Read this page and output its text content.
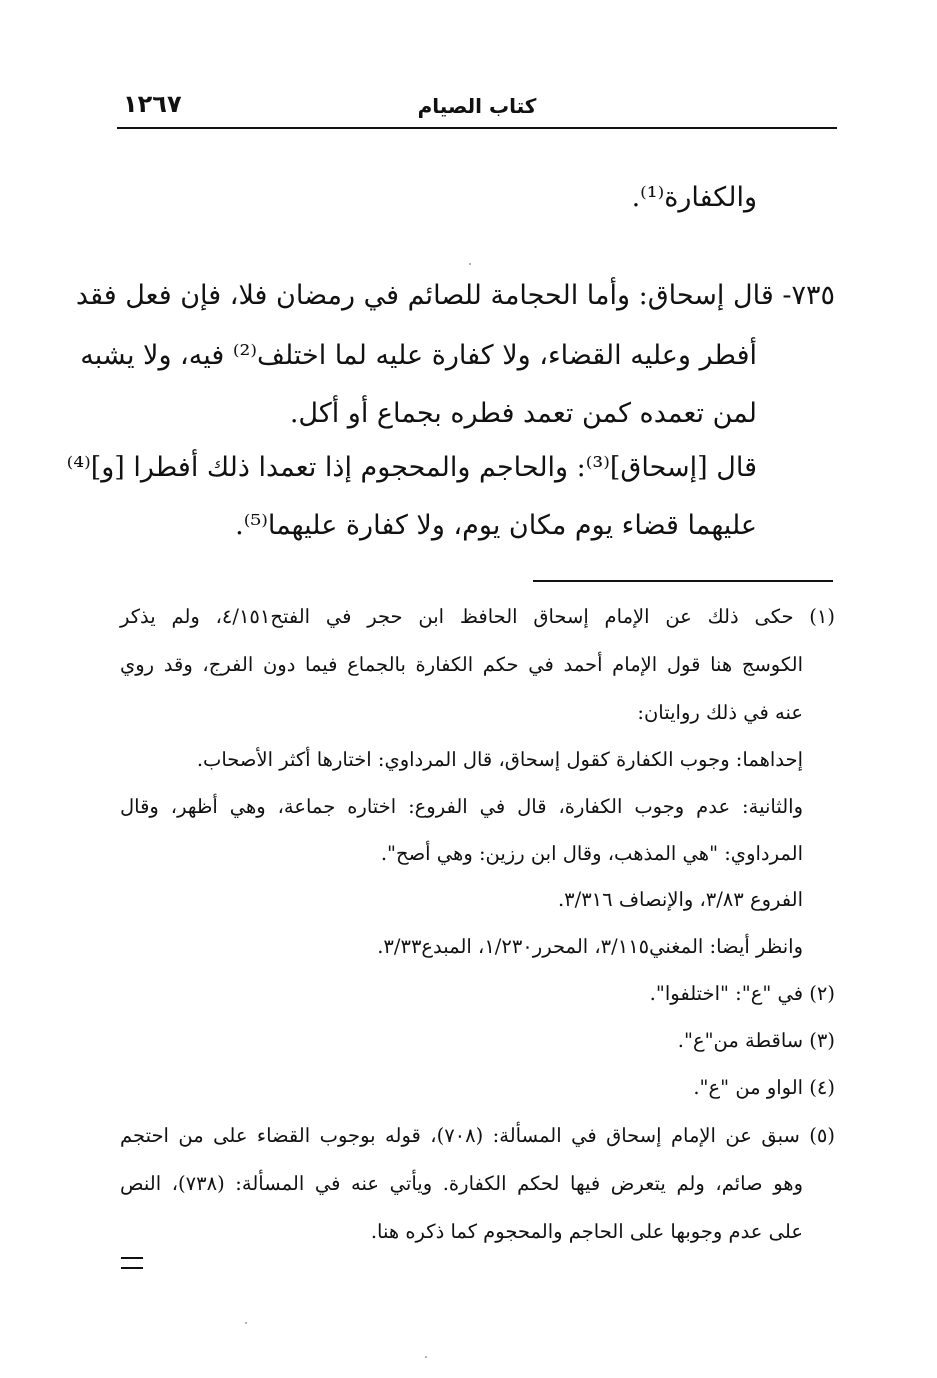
كتاب الصيام
١٢٦٧
والكفارة⁽¹⁾.
٧٣٥- قال إسحاق: وأما الحجامة للصائم في رمضان فلا، فإن فعل فقد
أفطر وعليه القضاء، ولا كفارة عليه لما اختلف⁽²⁾ فيه، ولا يشبه
لمن تعمده كمن تعمد فطره بجماع أو أكل.
قال [إسحاق]⁽³⁾: والحاجم والمحجوم إذا تعمدا ذلك أفطرا [و]⁽⁴⁾
عليهما قضاء يوم مكان يوم، ولا كفارة عليهما⁽⁵⁾.
(١) حكى ذلك عن الإمام إسحاق الحافظ ابن حجر في الفتح٤/١٥١، ولم يذكر
الكوسج هنا قول الإمام أحمد في حكم الكفارة بالجماع فيما دون الفرج، وقد روي
عنه في ذلك روايتان:
إحداهما: وجوب الكفارة كقول إسحاق، قال المرداوي: اختارها أكثر الأصحاب.
والثانية: عدم وجوب الكفارة، قال في الفروع: اختاره جماعة، وهي أظهر، وقال
المرداوي: "هي المذهب، وقال ابن رزين: وهي أصح".
الفروع ٣/٨٣، والإنصاف ٣/٣١٦.
وانظر أيضا: المغني٣/١١٥، المحرر١/٢٣٠، المبدع٣/٣٣.
(٢) في "ع": "اختلفوا".
(٣) ساقطة من"ع".
(٤) الواو من "ع".
(٥) سبق عن الإمام إسحاق في المسألة: (٧٠٨)، قوله بوجوب القضاء على من احتجم
وهو صائم، ولم يتعرض فيها لحكم الكفارة. ويأتي عنه في المسألة: (٧٣٨)، النص
على عدم وجوبها على الحاجم والمحجوم كما ذكره هنا.
